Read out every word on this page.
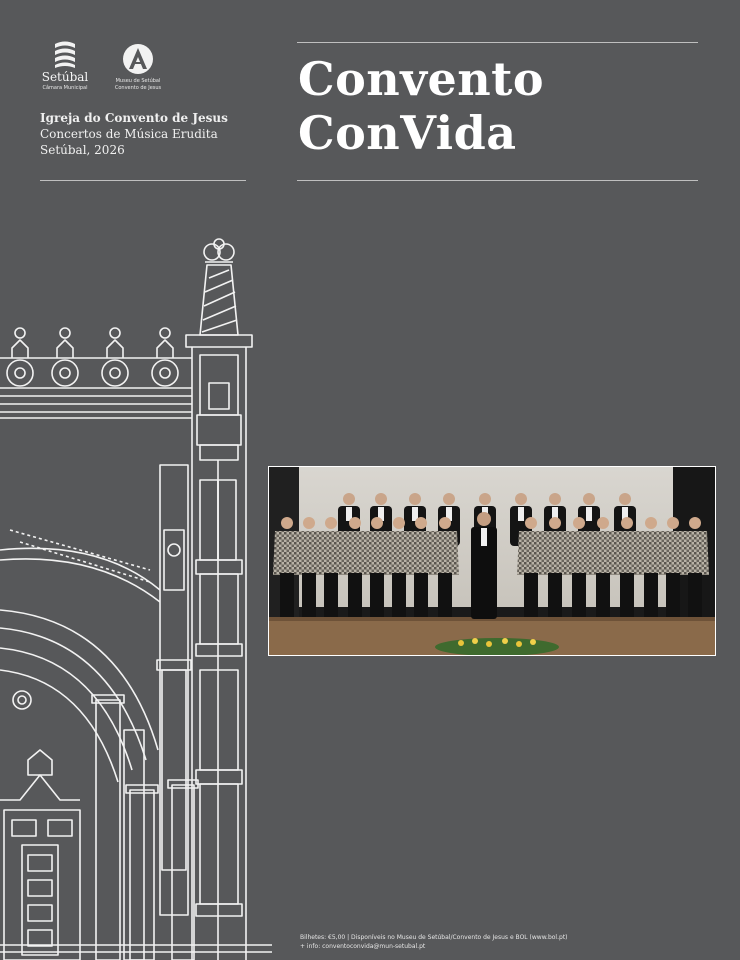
Setúbal
Câmara Municipal
Museu de Setúbal Convento de Jesus
Igreja do Convento de Jesus
Concertos de Música Erudita
Setúbal, 2026
Convento
ConVida
Bilhetes: €5,00 | Disponíveis no Museu de Setúbal/Convento de Jesus e BOL (www.bol.pt)
+ info: conventoconvida@mun-setubal.pt
